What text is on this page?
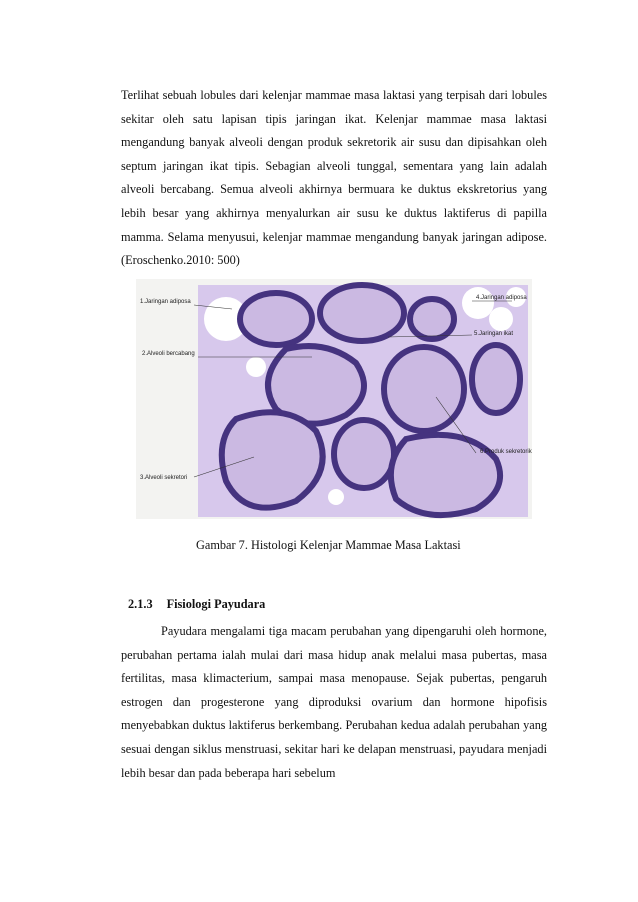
Terlihat sebuah lobules dari kelenjar mammae masa laktasi yang terpisah dari lobules sekitar oleh satu lapisan tipis jaringan ikat. Kelenjar mammae masa laktasi mengandung banyak alveoli dengan produk sekretorik air susu dan dipisahkan oleh septum jaringan ikat tipis. Sebagian alveoli tunggal, sementara yang lain adalah alveoli bercabang. Semua alveoli akhirnya bermuara ke duktus ekskretorius yang lebih besar yang akhirnya menyalurkan air susu ke duktus laktiferus di papilla mamma. Selama menyusui, kelenjar mammae mengandung banyak jaringan adipose. (Eroschenko.2010: 500)

1.Jaringan adiposa
2.Alveoli bercabang
3.Alveoli sekretori
4.Jaringan adiposa
5.Jaringan ikat
6.Produk sekretorik
Gambar 7. Histologi Kelenjar Mammae Masa Laktasi
2.1.3 Fisiologi Payudara

Payudara mengalami tiga macam perubahan yang dipengaruhi oleh hormone, perubahan pertama ialah mulai dari masa hidup anak melalui masa pubertas, masa fertilitas, masa klimacterium, sampai masa menopause. Sejak pubertas, pengaruh estrogen dan progesterone yang diproduksi ovarium dan hormone hipofisis menyebabkan duktus laktiferus berkembang. Perubahan kedua adalah perubahan yang sesuai dengan siklus menstruasi, sekitar hari ke delapan menstruasi, payudara menjadi lebih besar dan pada beberapa hari sebelum
